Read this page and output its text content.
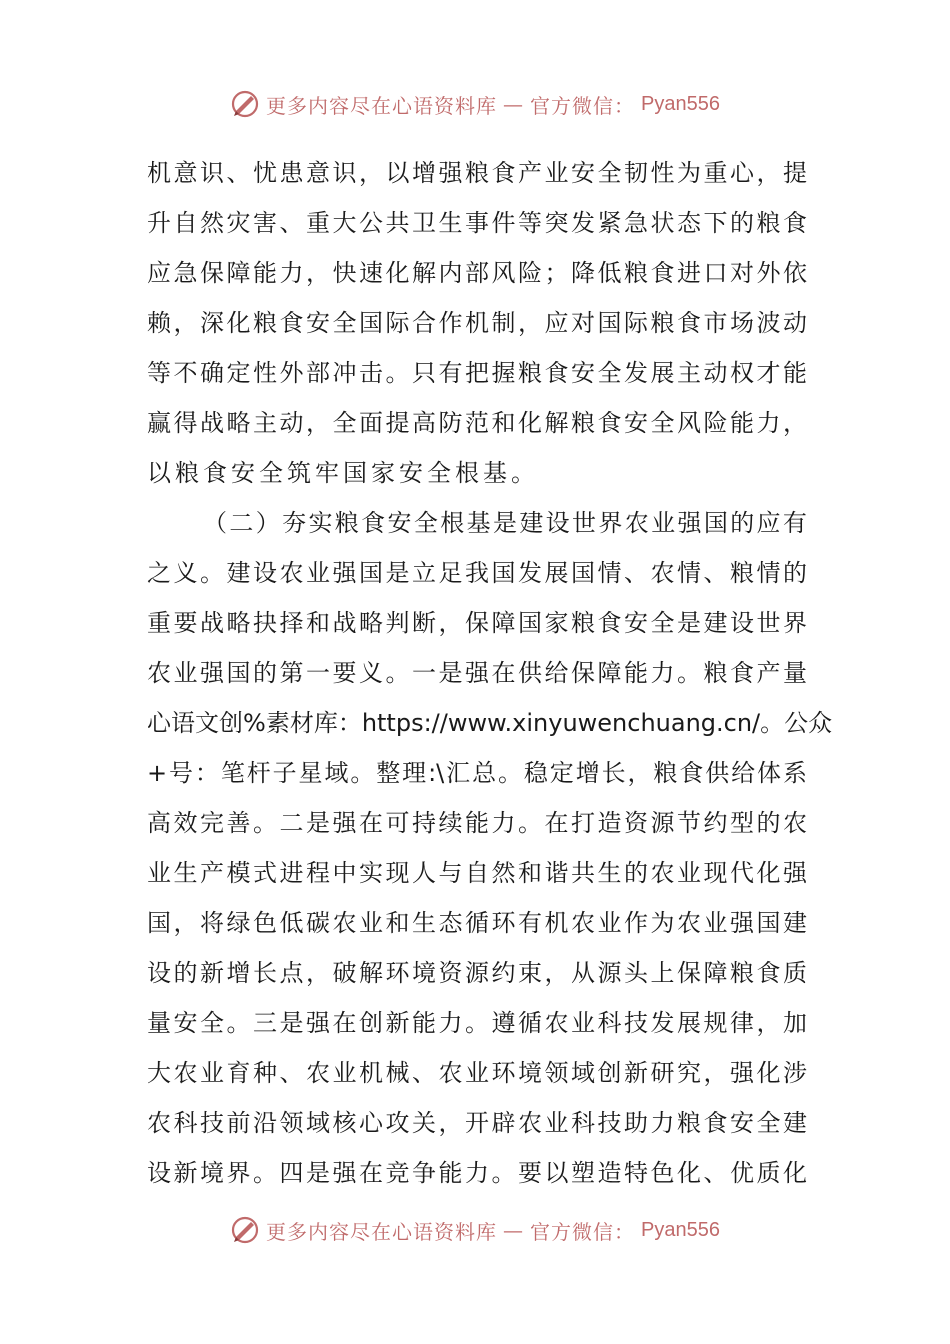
更多内容尽在心语资料库 — 官方微信： Pyan556
机 意 识 、 忧 患 意 识 ， 以 增 强 粮 食 产 业 安 全 韧 性 为 重 心 ， 提
升 自 然 灾 害 、 重 大 公 共 卫 生 事 件 等 突 发 紧 急 状 态 下 的 粮 食
应 急 保 障 能 力 ， 快 速 化 解 内 部 风 险 ； 降 低 粮 食 进 口 对 外 依
赖 ， 深 化 粮 食 安 全 国 际 合 作 机 制 ， 应 对 国 际 粮 食 市 场 波 动
等 不 确 定 性 外 部 冲 击 。 只 有 把 握 粮 食 安 全 发 展 主 动 权 才 能
赢 得 战 略 主 动 ， 全 面 提 高 防 范 和 化 解 粮 食 安 全 风 险 能 力 ，
以 粮 食 安 全 筑 牢 国 家 安 全 根 基 。
（ 二 ） 夯 实 粮 食 安 全 根 基 是 建 设 世 界 农 业 强 国 的 应 有
之 义 。 建 设 农 业 强 国 是 立 足 我 国 发 展 国 情 、 农 情 、 粮 情 的
重 要 战 略 抉 择 和 战 略 判 断 ， 保 障 国 家 粮 食 安 全 是 建 设 世 界
农 业 强 国 的 第 一 要 义 。 一 是 强 在 供 给 保 障 能 力 。 粮 食 产 量
心 语 文 创 % 素 材 库 ： https://www.xinyuwenchuang.cn/ 。 公 众
+ 号 ： 笔 杆 子 星 域 。 整 理 :\ 汇 总 。 稳 定 增 长 ， 粮 食 供 给 体 系
高 效 完 善 。 二 是 强 在 可 持 续 能 力 。 在 打 造 资 源 节 约 型 的 农
业 生 产 模 式 进 程 中 实 现 人 与 自 然 和 谐 共 生 的 农 业 现 代 化 强
国 ， 将 绿 色 低 碳 农 业 和 生 态 循 环 有 机 农 业 作 为 农 业 强 国 建
设 的 新 增 长 点 ， 破 解 环 境 资 源 约 束 ， 从 源 头 上 保 障 粮 食 质
量 安 全 。 三 是 强 在 创 新 能 力 。 遵 循 农 业 科 技 发 展 规 律 ， 加
大 农 业 育 种 、 农 业 机 械 、 农 业 环 境 领 域 创 新 研 究 ， 强 化 涉
农 科 技 前 沿 领 域 核 心 攻 关 ， 开 辟 农 业 科 技 助 力 粮 食 安 全 建
设 新 境 界 。 四 是 强 在 竞 争 能 力 。 要 以 塑 造 特 色 化 、 优 质 化
更多内容尽在心语资料库 — 官方微信： Pyan556
